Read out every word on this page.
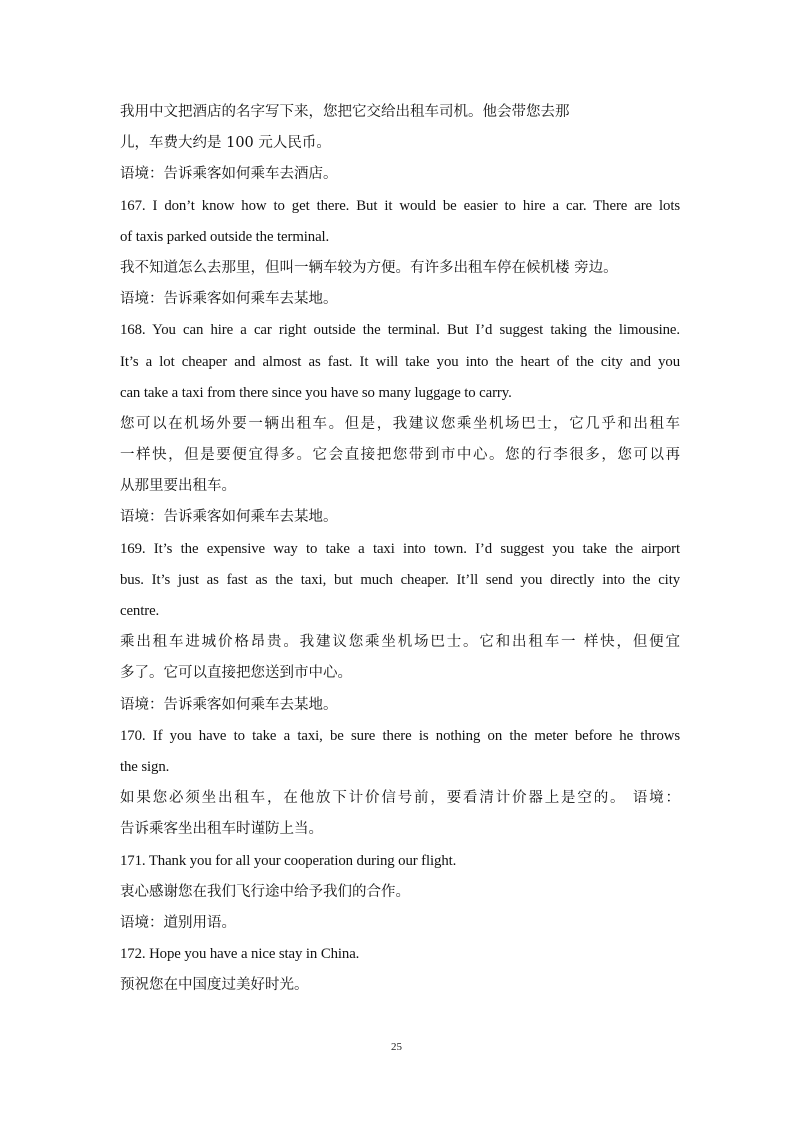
我用中文把酒店的名字写下来，您把它交给出租车司机。他会带您去那
儿，车费大约是 100 元人民币。
语境：告诉乘客如何乘车去酒店。
167. I don’t know how to get there. But it would be easier to hire a car. There are lots
of taxis parked outside the terminal.
我不知道怎么去那里，但叫一辆车较为方便。有许多出租车停在候机楼 旁边。
语境：告诉乘客如何乘车去某地。
168. You can hire a car right outside the terminal. But I’d suggest taking the limousine.
It’s a lot cheaper and almost as fast. It will take you into the heart of the city and you
can take a taxi from there since you have so many luggage to carry.
您可以在机场外要一辆出租车。但是，我建议您乘坐机场巴士，它几乎和出租车
一样快，但是要便宜得多。它会直接把您带到市中心。您的行李很多，您可以再
从那里要出租车。
语境：告诉乘客如何乘车去某地。
169. It’s the expensive way to take a taxi into town. I’d suggest you take the airport
bus. It’s just as fast as the taxi, but much cheaper. It’ll send you directly into the city
centre.
乘出租车进城价格昂贵。我建议您乘坐机场巴士。它和出租车一 样快，但便宜
多了。它可以直接把您送到市中心。
语境：告诉乘客如何乘车去某地。
170. If you have to take a taxi, be sure there is nothing on the meter before he throws
the sign.
如果您必须坐出租车，在他放下计价信号前，要看清计价器上是空的。 语境：
告诉乘客坐出租车时谨防上当。
171. Thank you for all your cooperation during our flight.
衷心感谢您在我们飞行途中给予我们的合作。
语境：道别用语。
172. Hope you have a nice stay in China.
预祝您在中国度过美好时光。
25
